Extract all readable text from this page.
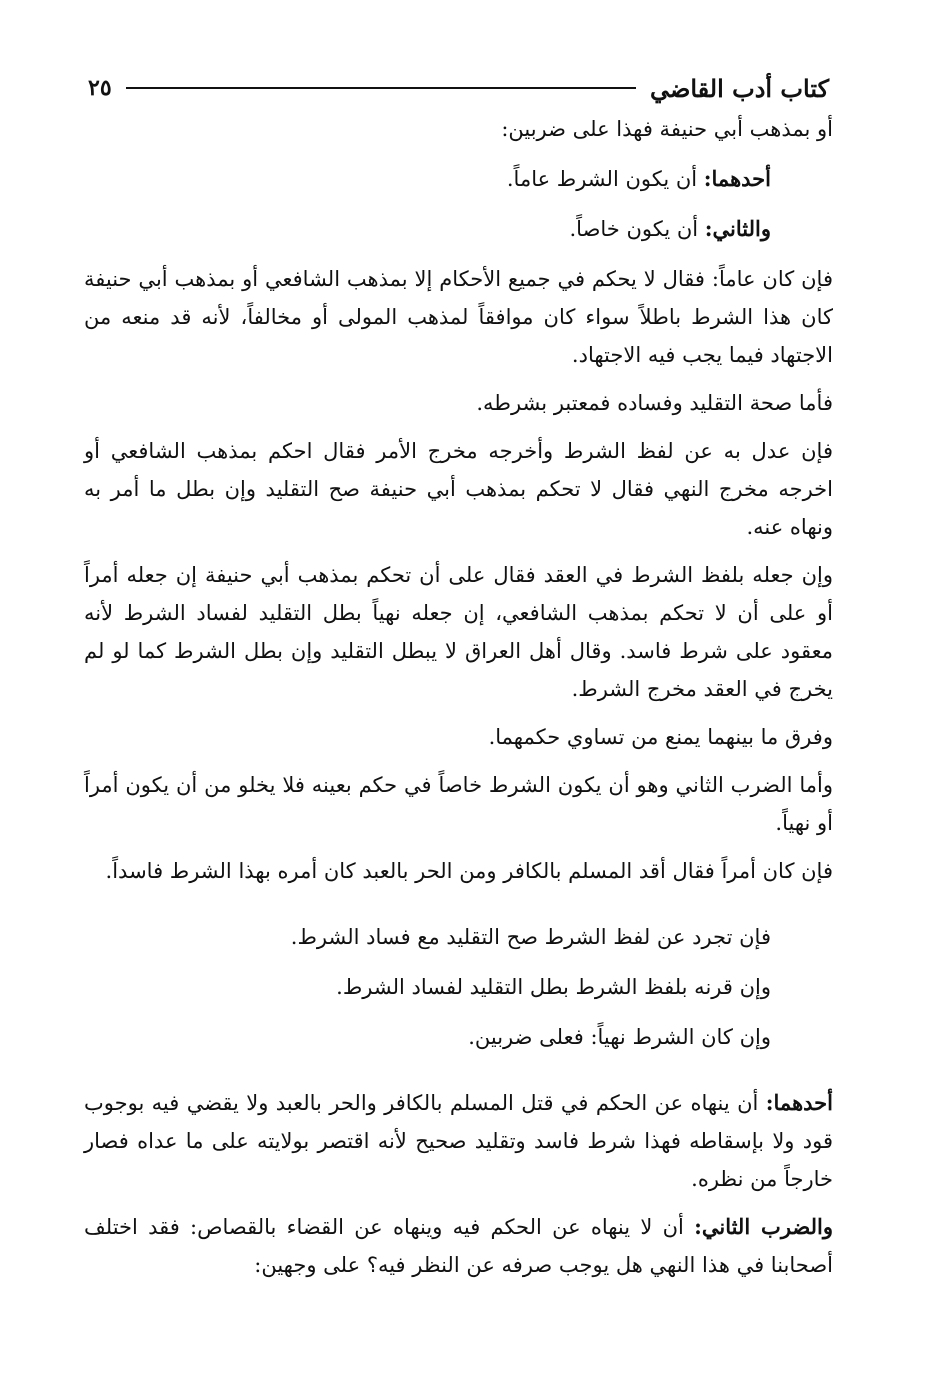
كتاب أدب القاضي
٢٥

أو بمذهب أبي حنيفة فهذا على ضربين:

أحدهما: أن يكون الشرط عاماً.

والثاني: أن يكون خاصاً.

فإن كان عاماً: فقال لا يحكم في جميع الأحكام إلا بمذهب الشافعي أو بمذهب أبي حنيفة كان هذا الشرط باطلاً سواء كان موافقاً لمذهب المولى أو مخالفاً، لأنه قد منعه من الاجتهاد فيما يجب فيه الاجتهاد.

فأما صحة التقليد وفساده فمعتبر بشرطه.

فإن عدل به عن لفظ الشرط وأخرجه مخرج الأمر فقال احكم بمذهب الشافعي أو اخرجه مخرج النهي فقال لا تحكم بمذهب أبي حنيفة صح التقليد وإن بطل ما أمر به ونهاه عنه.

وإن جعله بلفظ الشرط في العقد فقال على أن تحكم بمذهب أبي حنيفة إن جعله أمراً أو على أن لا تحكم بمذهب الشافعي، إن جعله نهياً بطل التقليد لفساد الشرط لأنه معقود على شرط فاسد. وقال أهل العراق لا يبطل التقليد وإن بطل الشرط كما لو لم يخرج في العقد مخرج الشرط.

وفرق ما بينهما يمنع من تساوي حكمهما.

وأما الضرب الثاني وهو أن يكون الشرط خاصاً في حكم بعينه فلا يخلو من أن يكون أمراً أو نهياً.

فإن كان أمراً فقال أقد المسلم بالكافر ومن الحر بالعبد كان أمره بهذا الشرط فاسداً.

فإن تجرد عن لفظ الشرط صح التقليد مع فساد الشرط.

وإن قرنه بلفظ الشرط بطل التقليد لفساد الشرط.

وإن كان الشرط نهياً: فعلى ضربين.

أحدهما: أن ينهاه عن الحكم في قتل المسلم بالكافر والحر بالعبد ولا يقضي فيه بوجوب قود ولا بإسقاطه فهذا شرط فاسد وتقليد صحيح لأنه اقتصر بولايته على ما عداه فصار خارجاً من نظره.

والضرب الثاني: أن لا ينهاه عن الحكم فيه وينهاه عن القضاء بالقصاص: فقد اختلف أصحابنا في هذا النهي هل يوجب صرفه عن النظر فيه؟ على وجهين:
